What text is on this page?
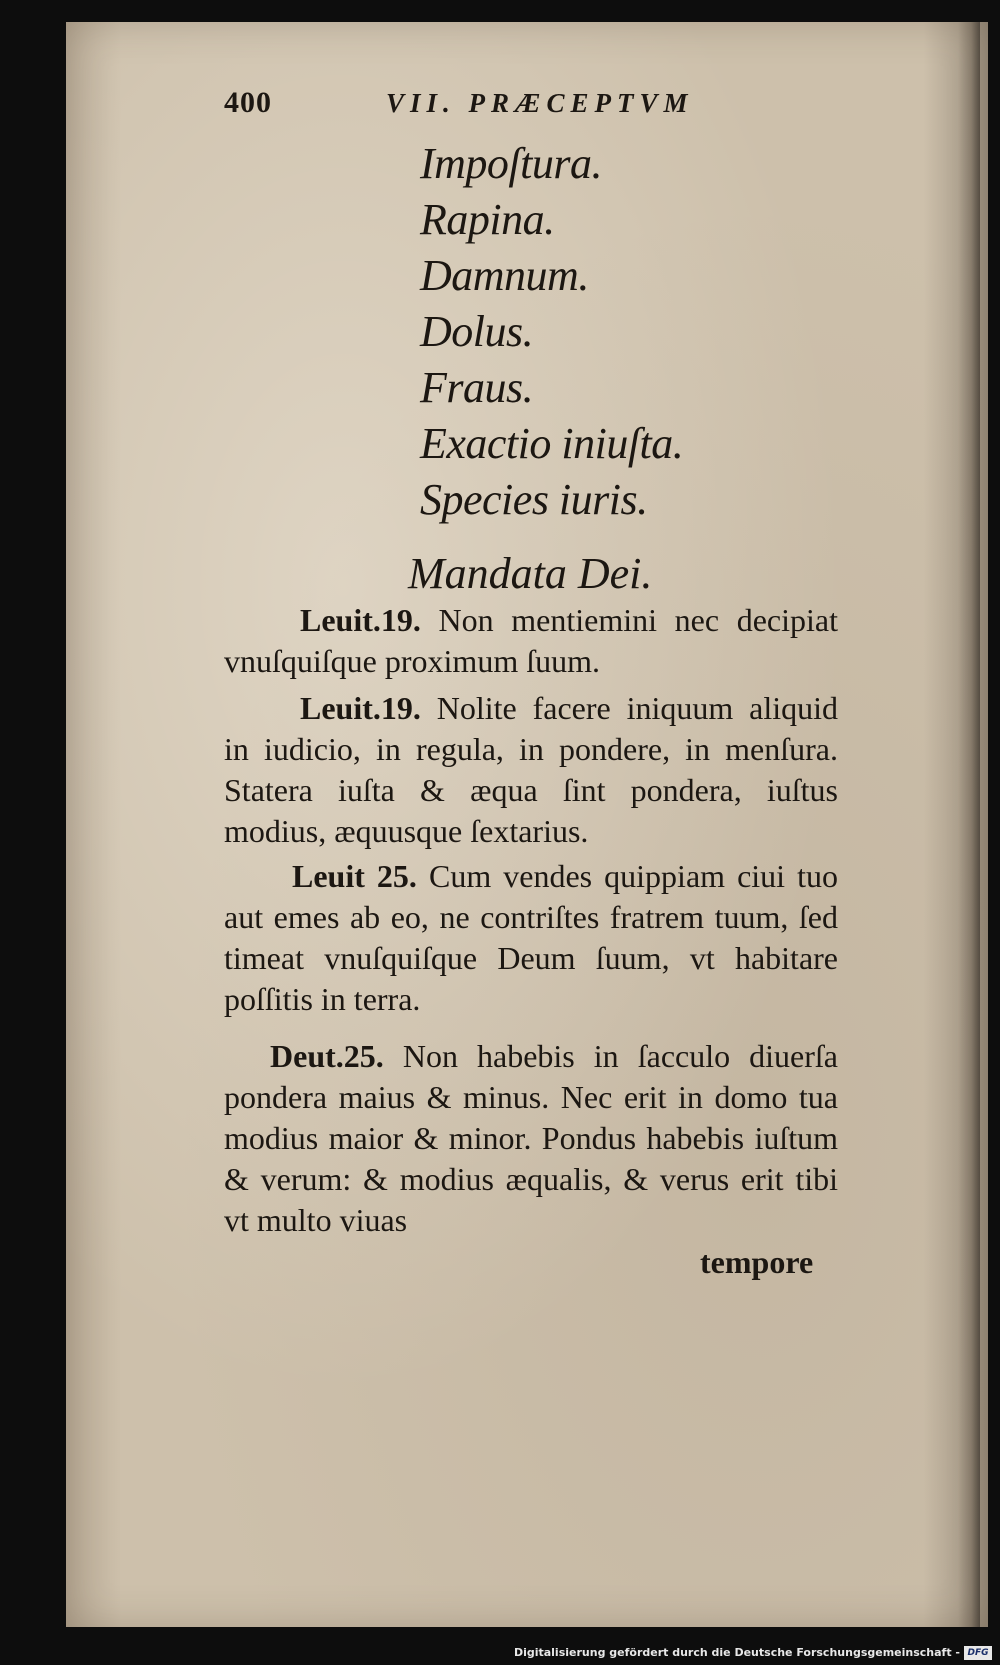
400	VII. PRÆCEPTVM
Impoſtura.
Rapina.
Damnum.
Dolus.
Fraus.
Exactio iniuſta.
Species iuris.
Mandata Dei.

Leuit.19. Non mentiemini nec decipiat vnuſquiſque proximum ſuum.

Leuit.19. Nolite facere iniquum aliquid in iudicio, in regula, in pondere, in menſura. Statera iuſta & æqua ſint pondera, iuſtus modius, æquusque ſextarius.

Leuit 25. Cum vendes quippiam ciui tuo aut emes ab eo, ne contriſtes fratrem tuum, ſed timeat vnuſquiſque Deum ſuum, vt habitare poſſitis in terra.

Deut.25. Non habebis in ſacculo diuerſa pondera maius & minus. Nec erit in domo tua modius maior & minor. Pondus habebis iuſtum & verum: & modius æqualis, & verus erit tibi vt multo viuas

tempore
Digitalisierung gefördert durch die Deutsche Forschungsgemeinschaft - DFG
